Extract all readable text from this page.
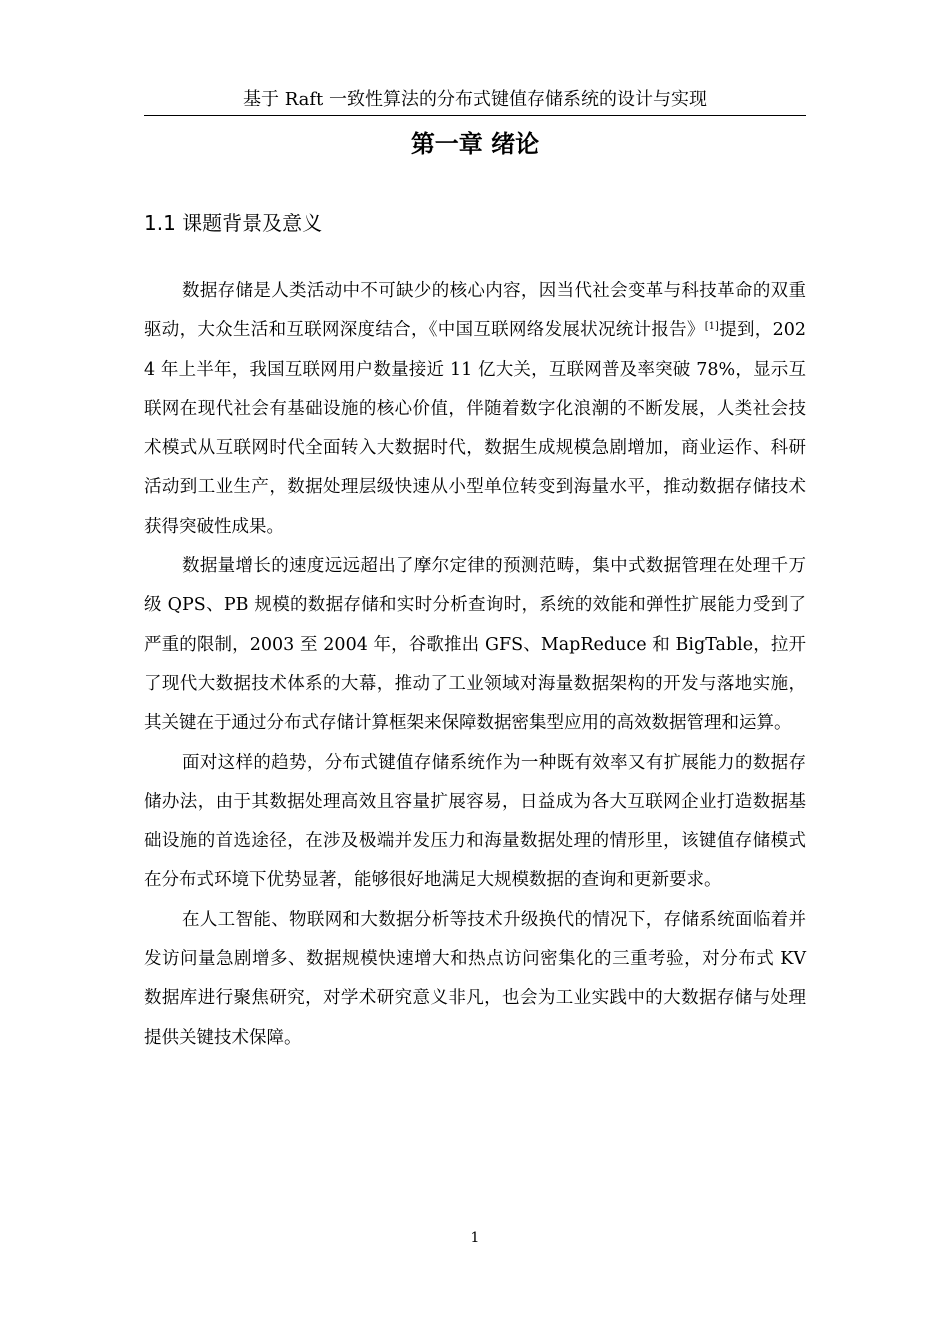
基于 Raft 一致性算法的分布式键值存储系统的设计与实现
第一章 绪论
1.1 课题背景及意义

数据存储是人类活动中不可缺少的核心内容，因当代社会变革与科技革命的双重驱动，大众生活和互联网深度结合，《中国互联网络发展状况统计报告》[1]提到，2024 年上半年，我国互联网用户数量接近 11 亿大关，互联网普及率突破 78%，显示互联网在现代社会有基础设施的核心价值，伴随着数字化浪潮的不断发展，人类社会技术模式从互联网时代全面转入大数据时代，数据生成规模急剧增加，商业运作、科研活动到工业生产，数据处理层级快速从小型单位转变到海量水平，推动数据存储技术获得突破性成果。

数据量增长的速度远远超出了摩尔定律的预测范畴，集中式数据管理在处理千万级 QPS、PB 规模的数据存储和实时分析查询时，系统的效能和弹性扩展能力受到了严重的限制，2003 至 2004 年，谷歌推出 GFS、MapReduce 和 BigTable，拉开了现代大数据技术体系的大幕，推动了工业领域对海量数据架构的开发与落地实施，其关键在于通过分布式存储计算框架来保障数据密集型应用的高效数据管理和运算。

面对这样的趋势，分布式键值存储系统作为一种既有效率又有扩展能力的数据存储办法，由于其数据处理高效且容量扩展容易，日益成为各大互联网企业打造数据基础设施的首选途径，在涉及极端并发压力和海量数据处理的情形里，该键值存储模式在分布式环境下优势显著，能够很好地满足大规模数据的查询和更新要求。

在人工智能、物联网和大数据分析等技术升级换代的情况下，存储系统面临着并发访问量急剧增多、数据规模快速增大和热点访问密集化的三重考验，对分布式 KV 数据库进行聚焦研究，对学术研究意义非凡，也会为工业实践中的大数据存储与处理提供关键技术保障。

1
